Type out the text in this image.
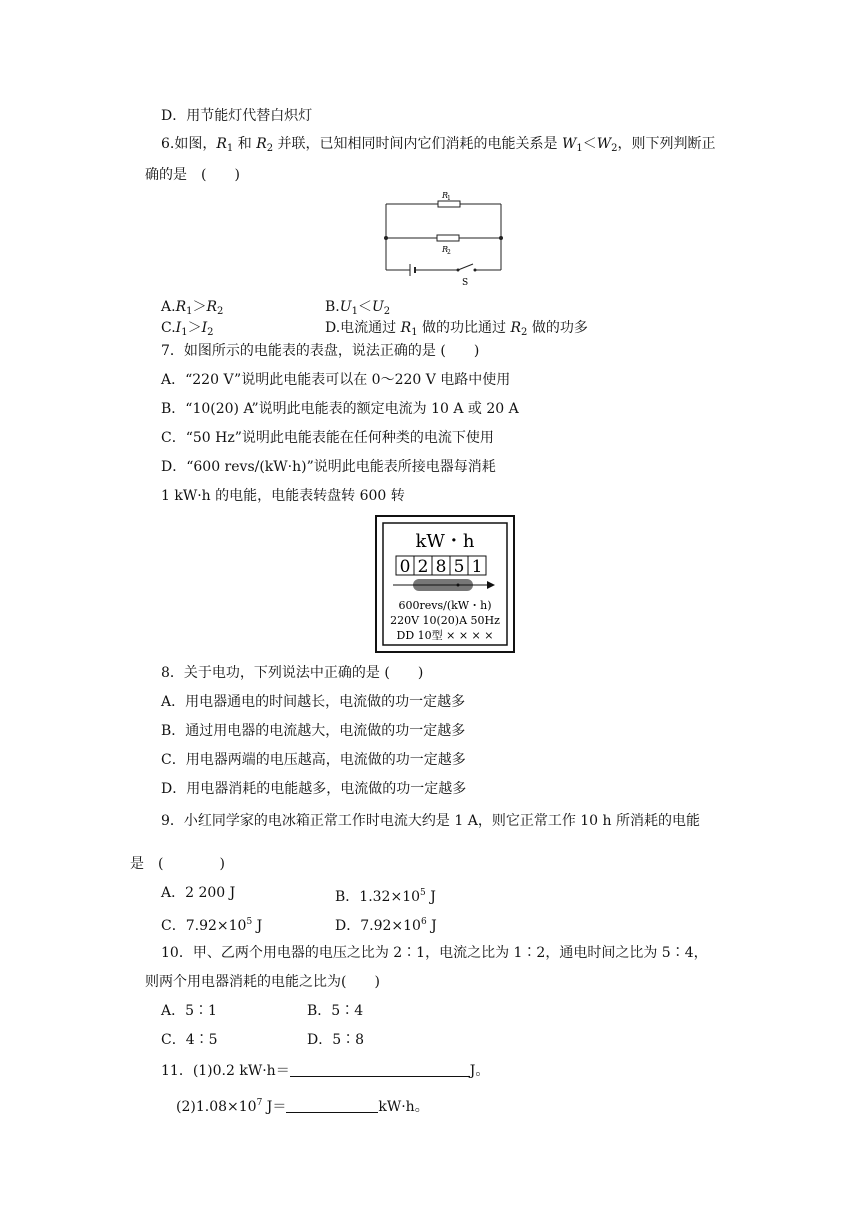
D．用节能灯代替白炽灯
6.如图，$R_1$ 和 $R_2$ 并联，已知相同时间内它们消耗的电能关系是 $W_1<W_2$，则下列判断正
确的是　(　　)
R
1
R
2
S
$A.R_1>R_2$	$B.U_1<U_2$
$C.I_1>I_2$	D.电流通过 $R_1$ 做的功比通过 $R_2$ 做的功多
7．如图所示的电能表的表盘，说法正确的是 (　　)
A．“220 V”说明此电能表可以在 0～220 V 电路中使用
B．“10(20) A”说明此电能表的额定电流为 10 A 或 20 A
C．“50 Hz”说明此电能表能在任何种类的电流下使用
D．“600 revs/(kW·h)”说明此电能表所接电器每消耗
1 kW·h 的电能，电能表转盘转 600 转
kW・h
0 2 8 5 1
600revs/(kW・h)
220V 10(20)A 50Hz
DD 10型 × × × ×
8．关于电功，下列说法中正确的是 (　　)
A．用电器通电的时间越长，电流做的功一定越多
B．通过用电器的电流越大，电流做的功一定越多
C．用电器两端的电压越高，电流做的功一定越多
D．用电器消耗的电能越多，电流做的功一定越多
9．小红同学家的电冰箱正常工作时电流大约是 1 A，则它正常工作 10 h 所消耗的电能
是　(　　　　)
A．2 200 J	B．$1.32\times 10^5$ J
C．$7.92\times 10^5$ J	D．$7.92\times 10^6$ J
10．甲、乙两个用电器的电压之比为 2∶1，电流之比为 1∶2，通电时间之比为 5∶4，
则两个用电器消耗的电能之比为(　　)
A．5∶1	B．5∶4
C．4∶5	D．5∶8
11．(1)0.2 kW·h＝	J。
$(2)1.08\times 10^7$ J＝	kW·h。
